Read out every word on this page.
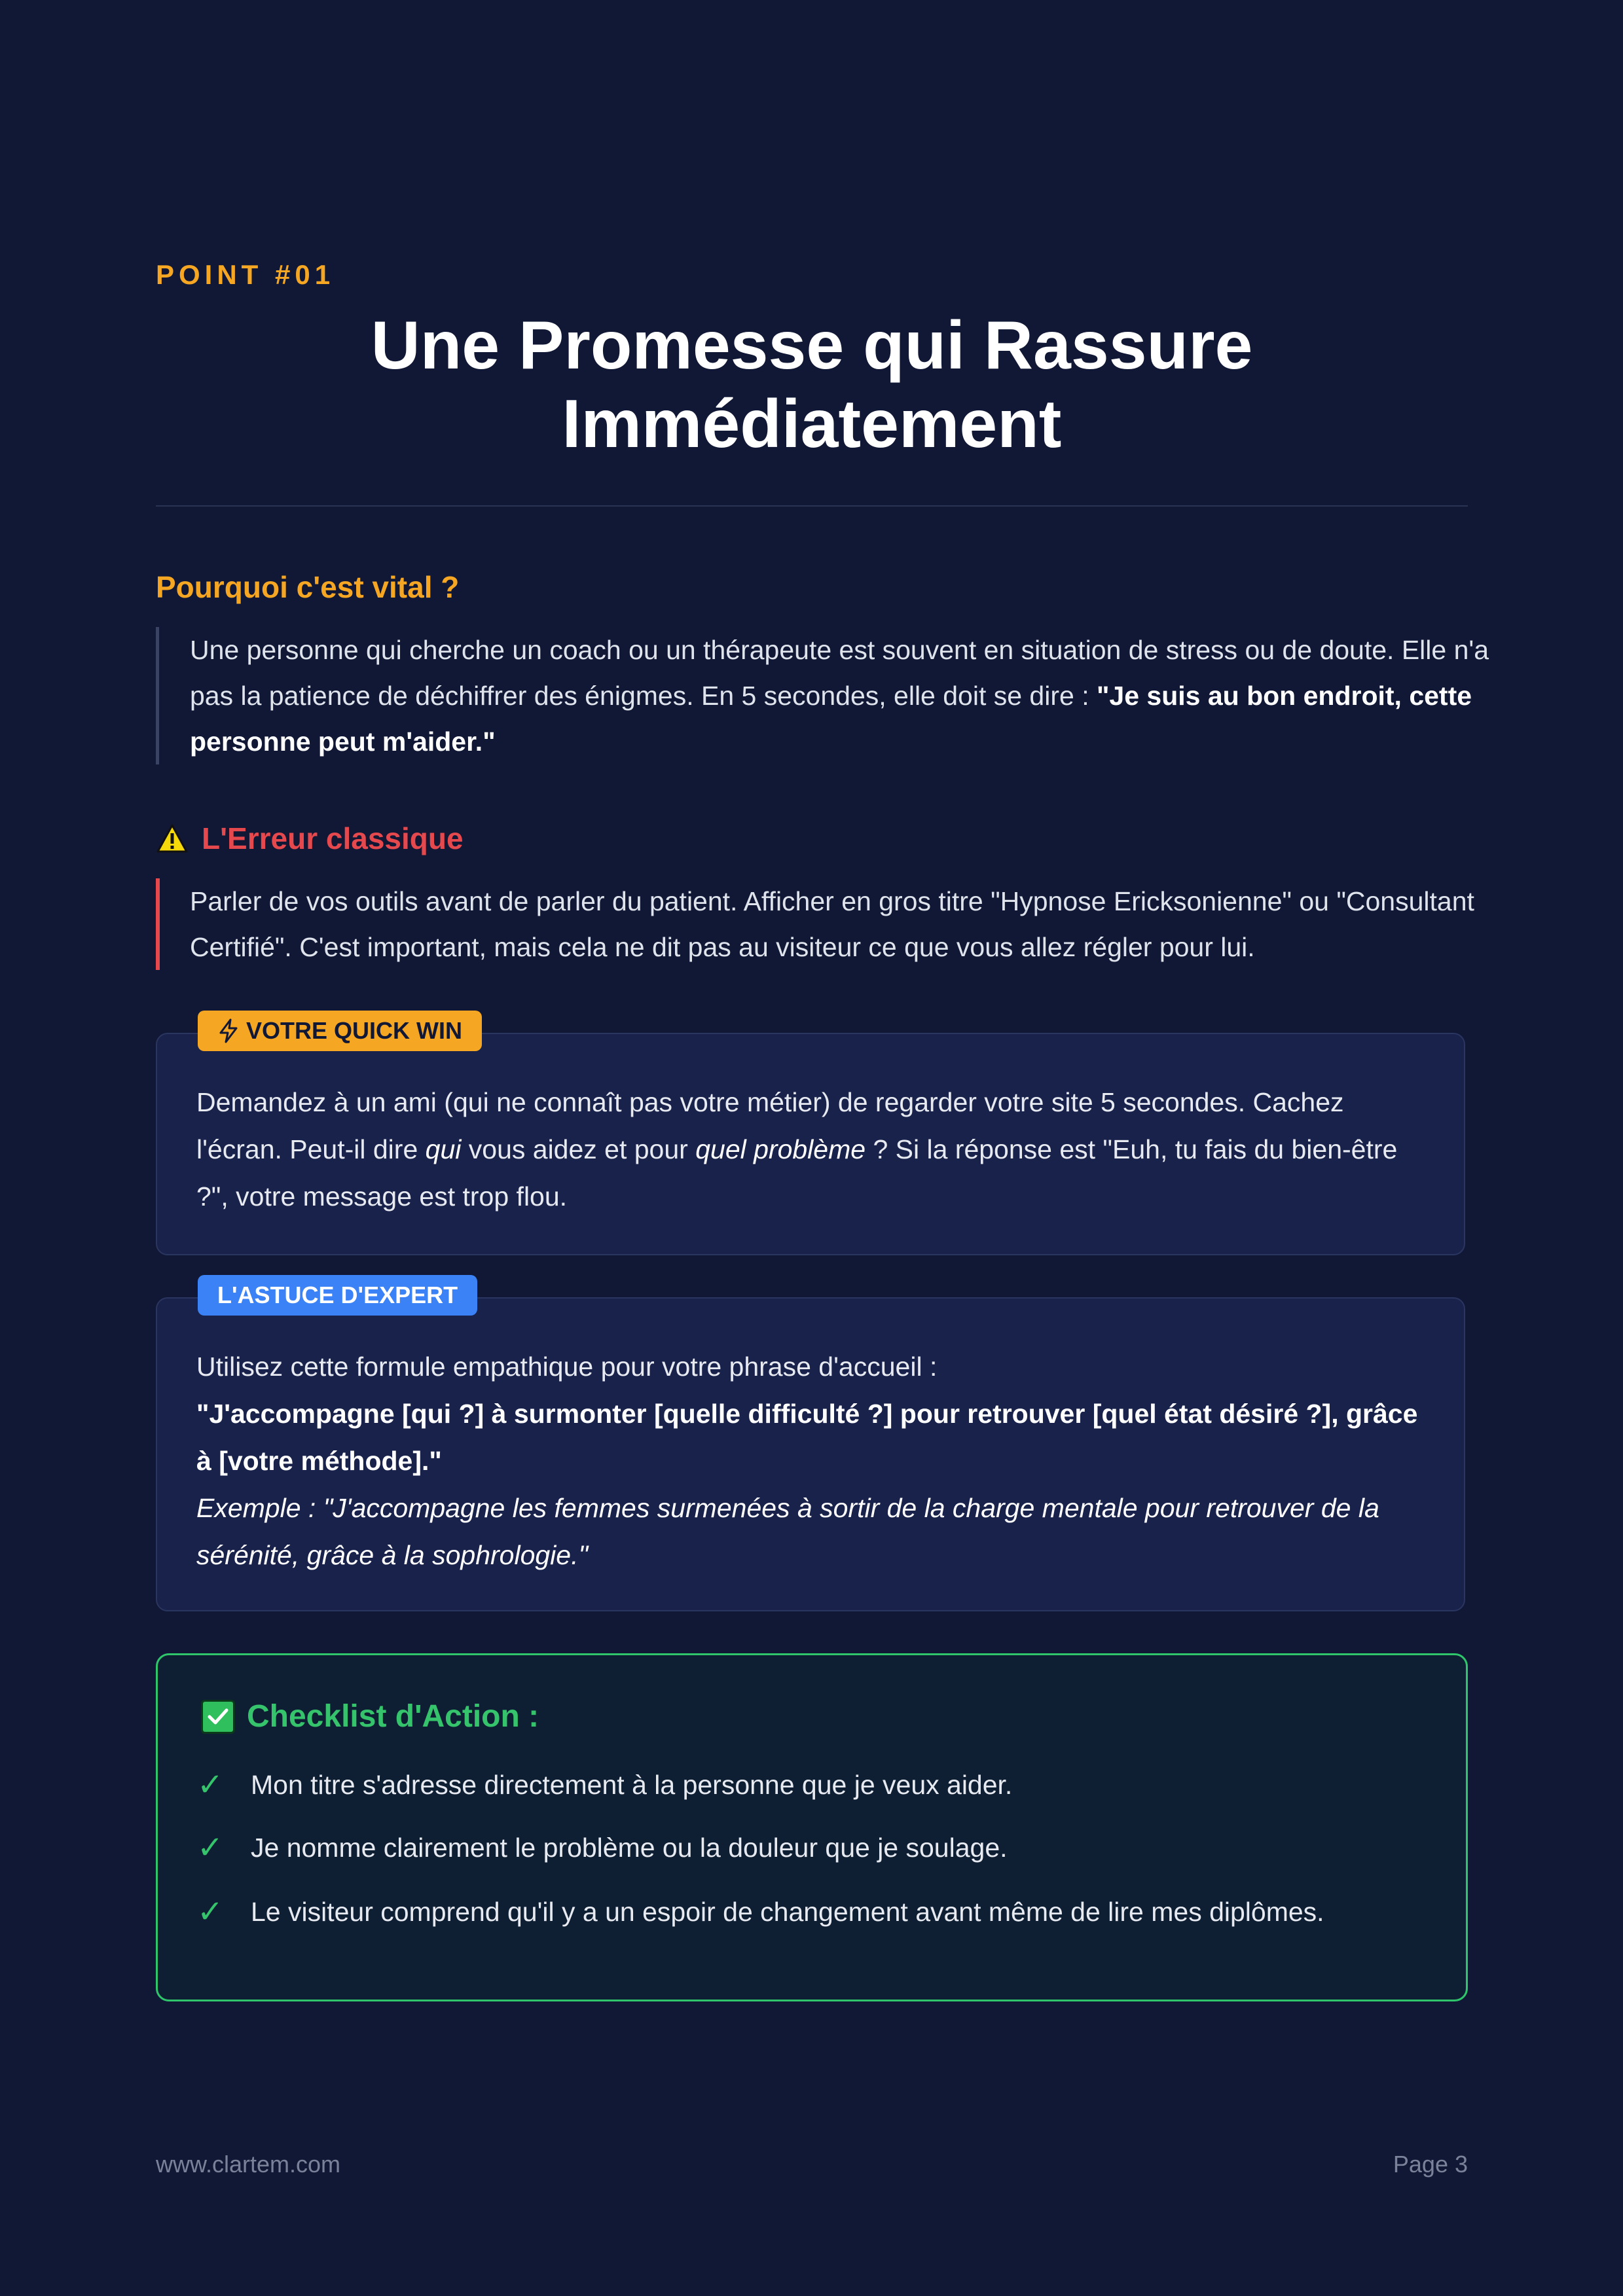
POINT #01
Une Promesse qui Rassure
Immédiatement
Pourquoi c'est vital ?
Une personne qui cherche un coach ou un thérapeute est souvent en situation de stress ou de doute. Elle n'a pas la patience de déchiffrer des énigmes. En 5 secondes, elle doit se dire : "Je suis au bon endroit, cette personne peut m'aider."
L'Erreur classique
Parler de vos outils avant de parler du patient. Afficher en gros titre "Hypnose Ericksonienne" ou "Consultant Certifié". C'est important, mais cela ne dit pas au visiteur ce que vous allez régler pour lui.
Demandez à un ami (qui ne connaît pas votre métier) de regarder votre site 5 secondes. Cachez l'écran. Peut-il dire qui vous aidez et pour quel problème ? Si la réponse est "Euh, tu fais du bien-être ?", votre message est trop flou.
VOTRE QUICK WIN
Utilisez cette formule empathique pour votre phrase d'accueil :
"J'accompagne [qui ?] à surmonter [quelle difficulté ?] pour retrouver [quel état désiré ?], grâce à [votre méthode]."
Exemple : "J'accompagne les femmes surmenées à sortir de la charge mentale pour retrouver de la sérénité, grâce à la sophrologie."
L'ASTUCE D'EXPERT
Checklist d'Action :
✓	Mon titre s'adresse directement à la personne que je veux aider.
✓	Je nomme clairement le problème ou la douleur que je soulage.
✓	Le visiteur comprend qu'il y a un espoir de changement avant même de lire mes diplômes.
www.clartem.com	Page 3
